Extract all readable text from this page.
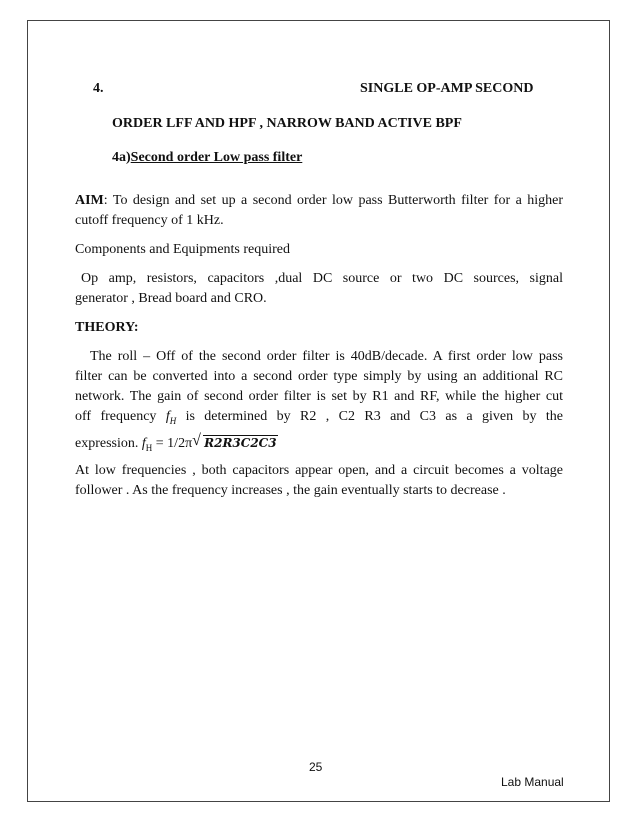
4.	SINGLE OP-AMP SECOND
ORDER LFF AND HPF , NARROW BAND ACTIVE BPF
4a)Second order Low pass filter
AIM: To design and set up a second order low pass Butterworth filter for a higher
cutoff frequency of 1 kHz.
Components and Equipments required
Op amp, resistors, capacitors ,dual DC source or two DC sources, signal
generator , Bread board and CRO.
THEORY:
The roll – Off of the second order filter is 40dB/decade. A first order low pass
filter can be converted into a second order type simply by using an additional RC
network. The gain of second order filter is set by R1 and RF, while the higher cut
off frequency $f_H$ is determined by R2 , C2 R3 and C3 as a given by the
expression. $f_H = 1/2\pi$ √ R2R3C2C3
At low frequencies , both capacitors appear open, and a circuit becomes a voltage
follower . As the frequency increases , the gain eventually starts to decrease .
25
Lab Manual
